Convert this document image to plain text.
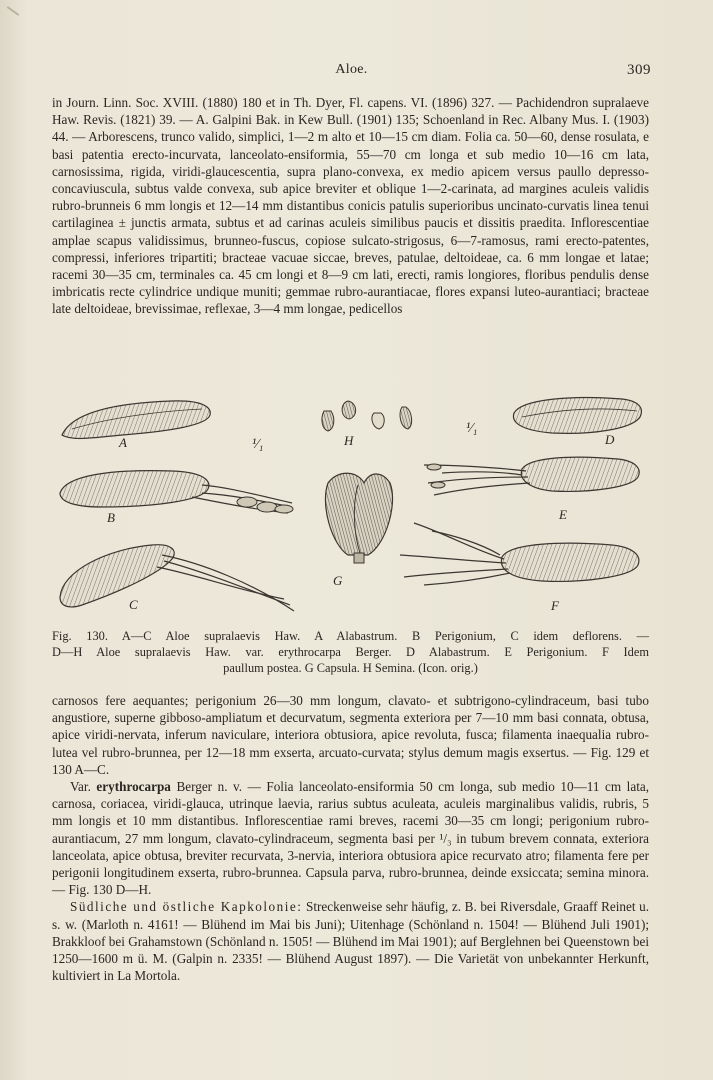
Aloe.	309

in Journ. Linn. Soc. XVIII. (1880) 180 et in Th. Dyer, Fl. capens. VI. (1896) 327. — Pachidendron supralaeve Haw. Revis. (1821) 39. — A. Galpini Bak. in Kew Bull. (1901) 135; Schoenland in Rec. Albany Mus. I. (1903) 44. — Arborescens, trunco valido, simplici, 1—2 m alto et 10—15 cm diam. Folia ca. 50—60, dense rosulata, e basi patentia erecto-incurvata, lanceolato-ensiformia, 55—70 cm longa et sub medio 10—16 cm lata, carnosissima, rigida, viridi-glaucescentia, supra plano-convexa, ex medio apicem versus paullo depresso-concaviuscula, subtus valde convexa, sub apice breviter et oblique 1—2-carinata, ad margines aculeis validis rubro-brunneis 6 mm longis et 12—14 mm distantibus conicis patulis superioribus uncinato-curvatis linea tenui cartilaginea ± junctis armata, subtus et ad carinas aculeis similibus paucis et dissitis praedita. Inflorescentiae amplae scapus validissimus, brunneo-fuscus, copiose sulcato-strigosus, 6—7-ramosus, rami erecto-patentes, compressi, inferiores tripartiti; bracteae vacuae siccae, breves, patulae, deltoideae, ca. 6 mm longae et latae; racemi 30—35 cm, terminales ca. 45 cm longi et 8—9 cm lati, erecti, ramis longiores, floribus pendulis dense imbricatis recte cylindrice undique muniti; gemmae rubro-aurantiacae, flores expansi luteo-aurantiaci; bracteae late deltoideae, brevissimae, reflexae, 3—4 mm longae, pedicellos

A
B
C
D
E
F
G
H
¹⁄₁
¹⁄₁
Fig. 130. A—C Aloe supralaevis Haw. A Alabastrum. B Perigonium, C idem deflorens. —
D—H Aloe supralaevis Haw. var. erythrocarpa Berger. D Alabastrum. E Perigonium. F Idem
paullum postea. G Capsula. H Semina. (Icon. orig.)

carnosos fere aequantes; perigonium 26—30 mm longum, clavato- et subtrigono-cylindraceum, basi tubo angustiore, superne gibboso-ampliatum et decurvatum, segmenta exteriora per 7—10 mm basi connata, obtusa, apice viridi-nervata, inferum naviculare, interiora obtusiora, apice revoluta, fusca; filamenta inaequalia rubro-lutea vel rubro-brunnea, per 12—18 mm exserta, arcuato-curvata; stylus demum magis exsertus. — Fig. 129 et 130 A—C.

Var. erythrocarpa Berger n. v. — Folia lanceolato-ensiformia 50 cm longa, sub medio 10—11 cm lata, carnosa, coriacea, viridi-glauca, utrinque laevia, rarius subtus aculeata, aculeis marginalibus validis, rubris, 5 mm longis et 10 mm distantibus. Inflorescentiae rami breves, racemi 30—35 cm longi; perigonium rubro-aurantiacum, 27 mm longum, clavato-cylindraceum, segmenta basi per ¹/₃ in tubum brevem connata, exteriora lanceolata, apice obtusa, breviter recurvata, 3-nervia, interiora obtusiora apice recurvato atro; filamenta fere per perigonii longitudinem exserta, rubro-brunnea. Capsula parva, rubro-brunnea, deinde exsiccata; semina minora. — Fig. 130 D—H.

Südliche und östliche Kapkolonie: Streckenweise sehr häufig, z. B. bei Riversdale, Graaff Reinet u. s. w. (Marloth n. 4161! — Blühend im Mai bis Juni); Uitenhage (Schönland n. 1504! — Blühend Juli 1901); Brakkloof bei Grahamstown (Schönland n. 1505! — Blühend im Mai 1901); auf Berglehnen bei Queenstown bei 1250—1600 m ü. M. (Galpin n. 2335! — Blühend August 1897). — Die Varietät von unbekannter Herkunft, kultiviert in La Mortola.
